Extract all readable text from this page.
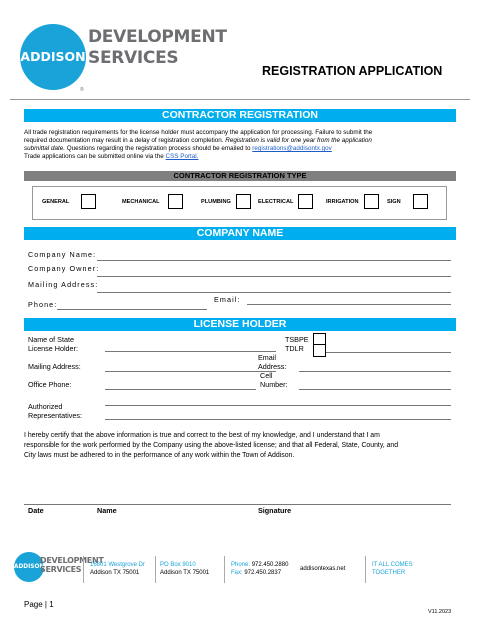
ADDISON
DEVELOPMENT
SERVICES
®
REGISTRATION APPLICATION
CONTRACTOR REGISTRATION
All trade registration requirements for the license holder must accompany the application for processing. Failure to submit the
required documentation may result in a delay of registration completion. Registration is valid for one year from the application
submittal date. Questions regarding the registration process should be emailed to registrations@addisontx.gov
Trade applications can be submitted online via the CSS Portal.
CONTRACTOR REGISTRATION TYPE
GENERAL	MECHANICAL	PLUMBING	ELECTRICAL	IRRIGATION	SIGN
COMPANY NAME
Company Name:
Company Owner:
Mailing Address:
Email:
Phone:
LICENSE HOLDER
Name of State
License Holder:
TSBPE
TDLR
Mailing Address:
Email
Address:
Office Phone:
Cell
Number:
Authorized
Representatives:
I hereby certify that the above information is true and correct to the best of my knowledge, and I understand that I am
responsible for the work performed by the Company using the above-listed license; and that all Federal, State, County, and
City laws must be adhered to in the performance of any work within the Town of Addison.
Date	Name	Signature
ADDISON
DEVELOPMENT
SERVICES 16801 Westgrove Dr
Addison TX 75001
PO Box 9010
Addison TX 75001
Phone: 972.450.2880
Fax: 972.450.2837
addisontexas.net
IT ALL COMES
TOGETHER
Page | 1
V11.2023
